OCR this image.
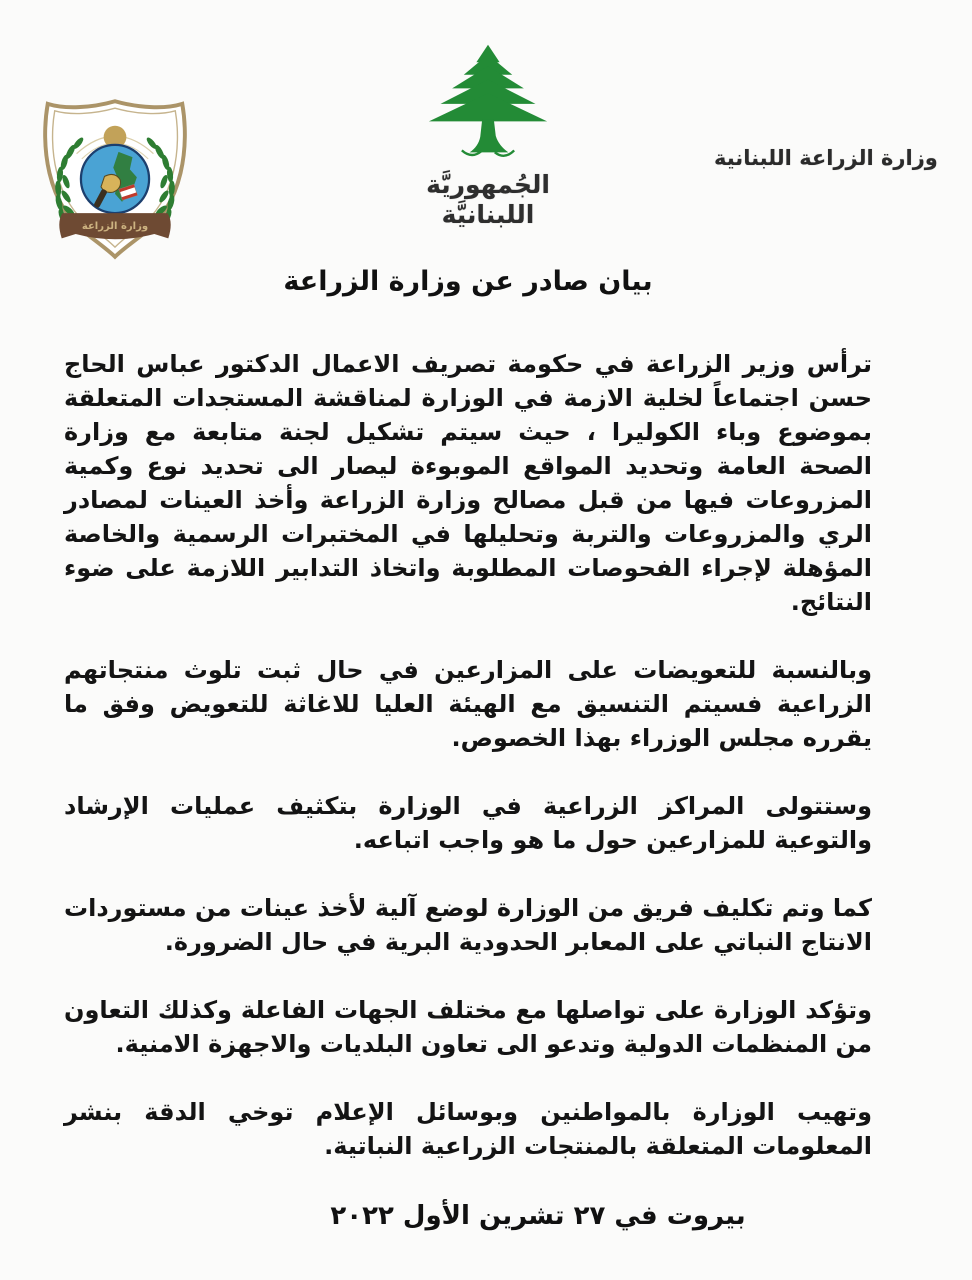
وزارة الزراعة
الجُمهوريَّة اللبنانيَّة
وزارة الزراعة اللبنانية
بيان صادر عن وزارة الزراعة

ترأس وزير الزراعة في حكومة تصريف الاعمال الدكتور عباس الحاج حسن اجتماعاً لخلية الازمة في الوزارة لمناقشة المستجدات المتعلقة بموضوع وباء الكوليرا ، حيث سيتم تشكيل لجنة متابعة مع وزارة الصحة العامة وتحديد المواقع الموبوءة ليصار الى تحديد نوع وكمية المزروعات فيها من قبل مصالح وزارة الزراعة وأخذ العينات لمصادر الري والمزروعات والتربة وتحليلها في المختبرات الرسمية والخاصة المؤهلة لإجراء الفحوصات المطلوبة واتخاذ التدابير اللازمة على ضوء النتائج.

وبالنسبة للتعويضات على المزارعين في حال ثبت تلوث منتجاتهم الزراعية فسيتم التنسيق مع الهيئة العليا للاغاثة للتعويض وفق ما يقرره مجلس الوزراء بهذا الخصوص.

وستتولى المراكز الزراعية في الوزارة بتكثيف عمليات الإرشاد والتوعية للمزارعين حول ما هو واجب اتباعه.

كما وتم تكليف فريق من الوزارة لوضع آلية لأخذ عينات من مستوردات الانتاج النباتي على المعابر الحدودية البرية في حال الضرورة.

وتؤكد الوزارة على تواصلها مع مختلف الجهات الفاعلة وكذلك التعاون من المنظمات الدولية وتدعو الى تعاون البلديات والاجهزة الامنية.

وتهيب الوزارة بالمواطنين وبوسائل الإعلام توخي الدقة بنشر المعلومات المتعلقة بالمنتجات الزراعية النباتية.

بيروت في ٢٧ تشرين الأول ٢٠٢٢
